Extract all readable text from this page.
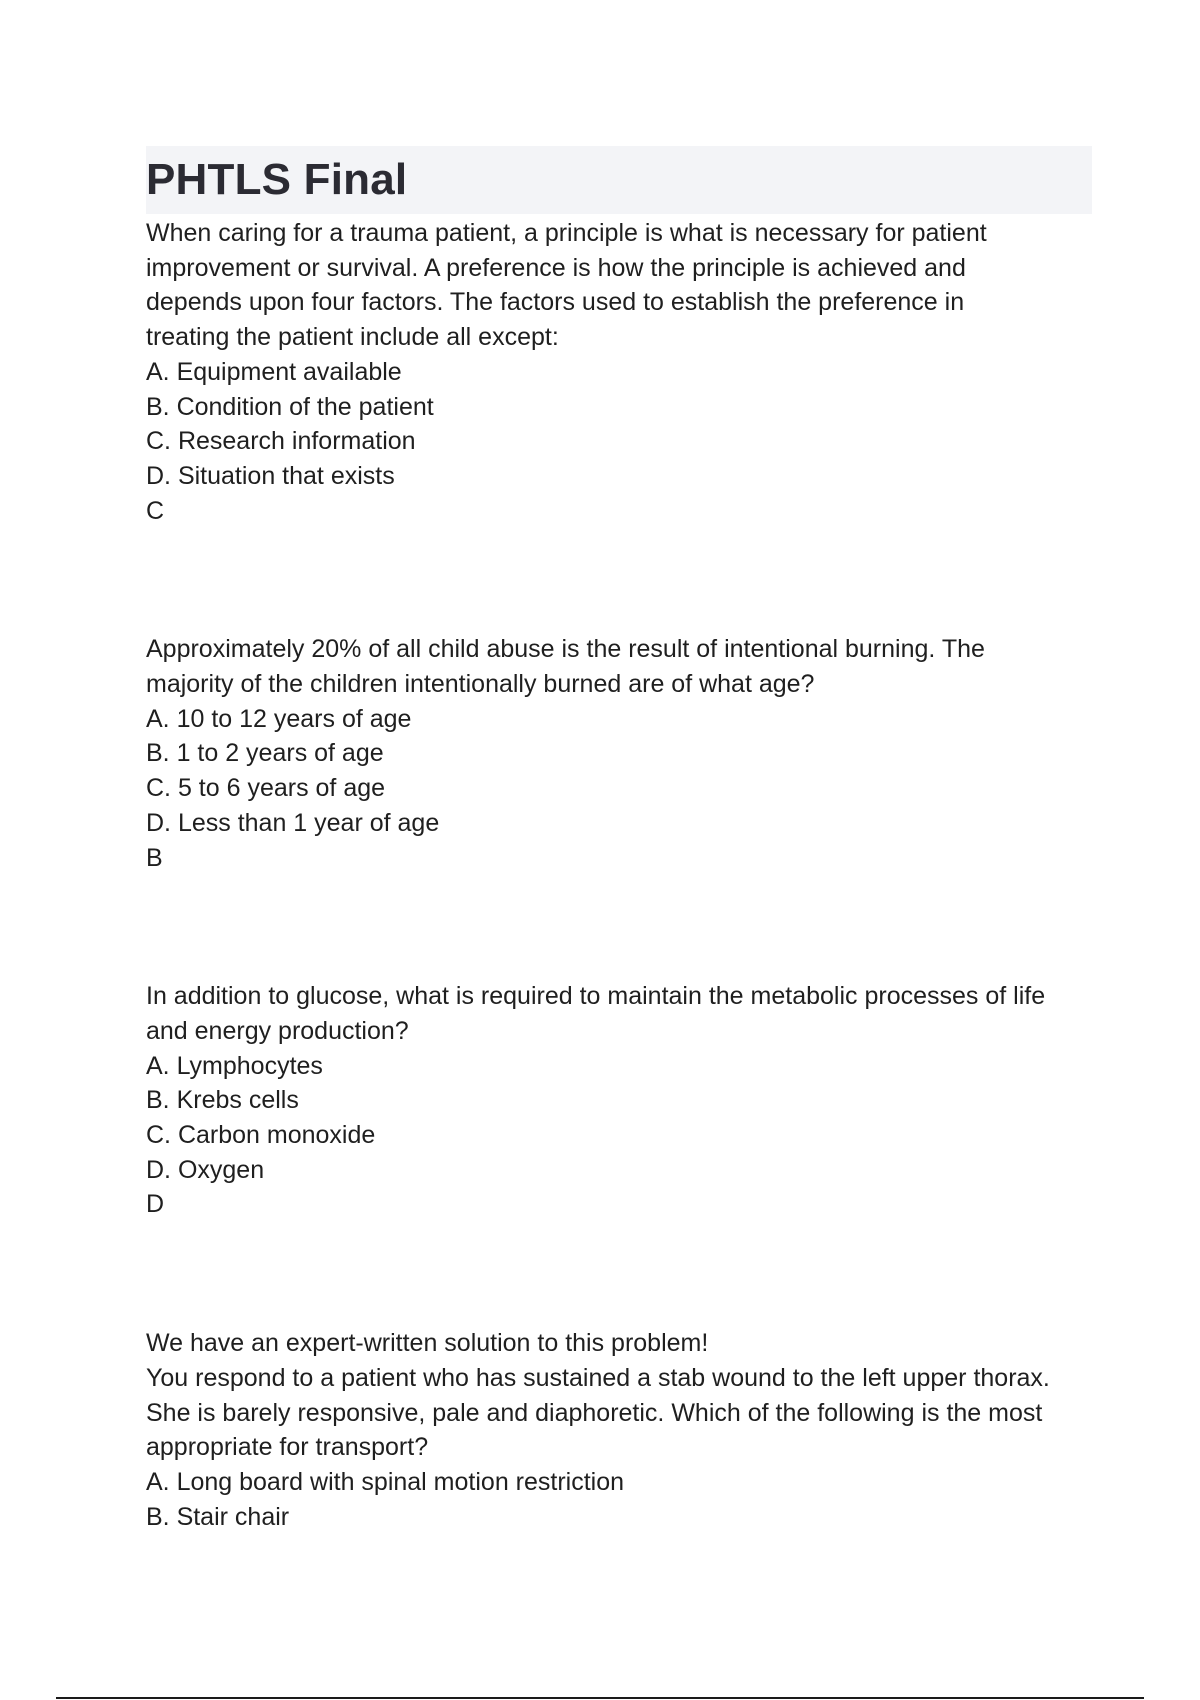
PHTLS Final

When caring for a trauma patient, a principle is what is necessary for patient improvement or survival. A preference is how the principle is achieved and depends upon four factors. The factors used to establish the preference in treating the patient include all except:

A. Equipment available
B. Condition of the patient
C. Research information
D. Situation that exists

C

Approximately 20% of all child abuse is the result of intentional burning. The majority of the children intentionally burned are of what age?

A. 10 to 12 years of age
B. 1 to 2 years of age
C. 5 to 6 years of age
D. Less than 1 year of age

B

In addition to glucose, what is required to maintain the metabolic processes of life and energy production?

A. Lymphocytes
B. Krebs cells
C. Carbon monoxide
D. Oxygen

D

We have an expert-written solution to this problem!

You respond to a patient who has sustained a stab wound to the left upper thorax. She is barely responsive, pale and diaphoretic. Which of the following is the most appropriate for transport?

A. Long board with spinal motion restriction
B. Stair chair
